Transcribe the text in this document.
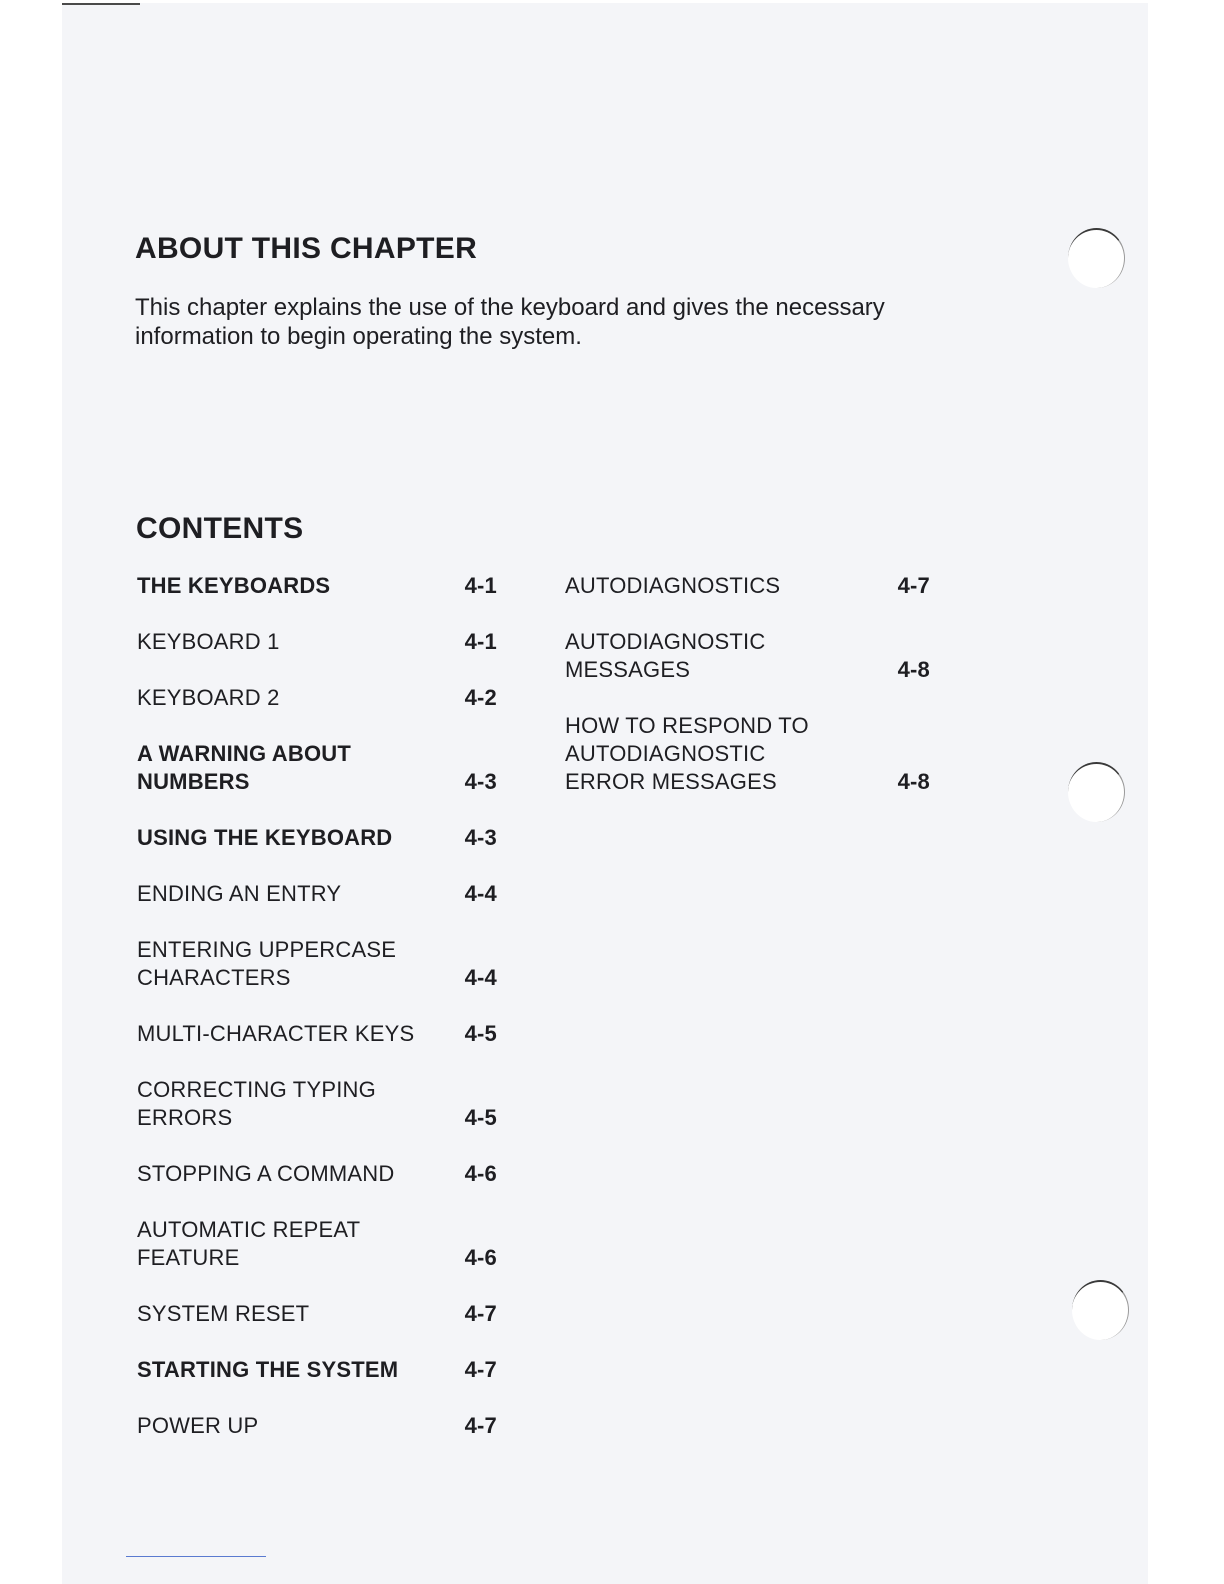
ABOUT THIS CHAPTER

This chapter explains the use of the keyboard and gives the necessary information to begin operating the system.

CONTENTS
THE KEYBOARDS	4-1
KEYBOARD 1	4-1
KEYBOARD 2	4-2
A WARNING ABOUT
NUMBERS	4-3
USING THE KEYBOARD	4-3
ENDING AN ENTRY	4-4
ENTERING UPPERCASE
CHARACTERS	4-4
MULTI-CHARACTER KEYS 4-5
CORRECTING TYPING
ERRORS	4-5
STOPPING A COMMAND	4-6
AUTOMATIC REPEAT
FEATURE	4-6
SYSTEM RESET	4-7
STARTING THE SYSTEM	4-7
POWER UP	4-7
AUTODIAGNOSTICS	4-7
AUTODIAGNOSTIC
MESSAGES	4-8
HOW TO RESPOND TO
AUTODIAGNOSTIC
ERROR MESSAGES	4-8
